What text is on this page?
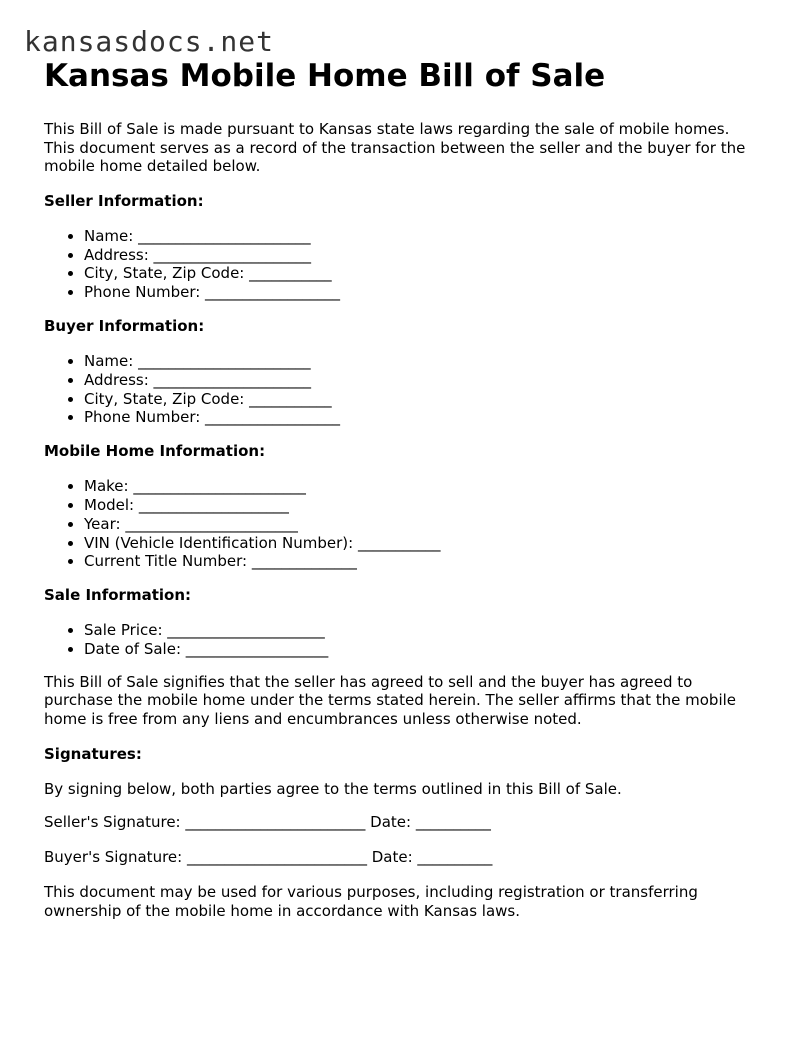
kansasdocs.net
Kansas Mobile Home Bill of Sale

This Bill of Sale is made pursuant to Kansas state laws regarding the sale of mobile homes. This document serves as a record of the transaction between the seller and the buyer for the mobile home detailed below.

Seller Information:
• Name: _______________________
• Address: _____________________
• City, State, Zip Code: ___________
• Phone Number: __________________
Buyer Information:
• Name: _______________________
• Address: _____________________
• City, State, Zip Code: ___________
• Phone Number: __________________
Mobile Home Information:
• Make: _______________________
• Model: ____________________
• Year: _______________________
• VIN (Vehicle Identification Number): ___________
• Current Title Number: ______________
Sale Information:
• Sale Price: _____________________
• Date of Sale: ___________________

This Bill of Sale signifies that the seller has agreed to sell and the buyer has agreed to purchase the mobile home under the terms stated herein. The seller affirms that the mobile home is free from any liens and encumbrances unless otherwise noted.

Signatures:

By signing below, both parties agree to the terms outlined in this Bill of Sale.

Seller's Signature: ________________________ Date: __________

Buyer's Signature: ________________________ Date: __________

This document may be used for various purposes, including registration or transferring ownership of the mobile home in accordance with Kansas laws.
